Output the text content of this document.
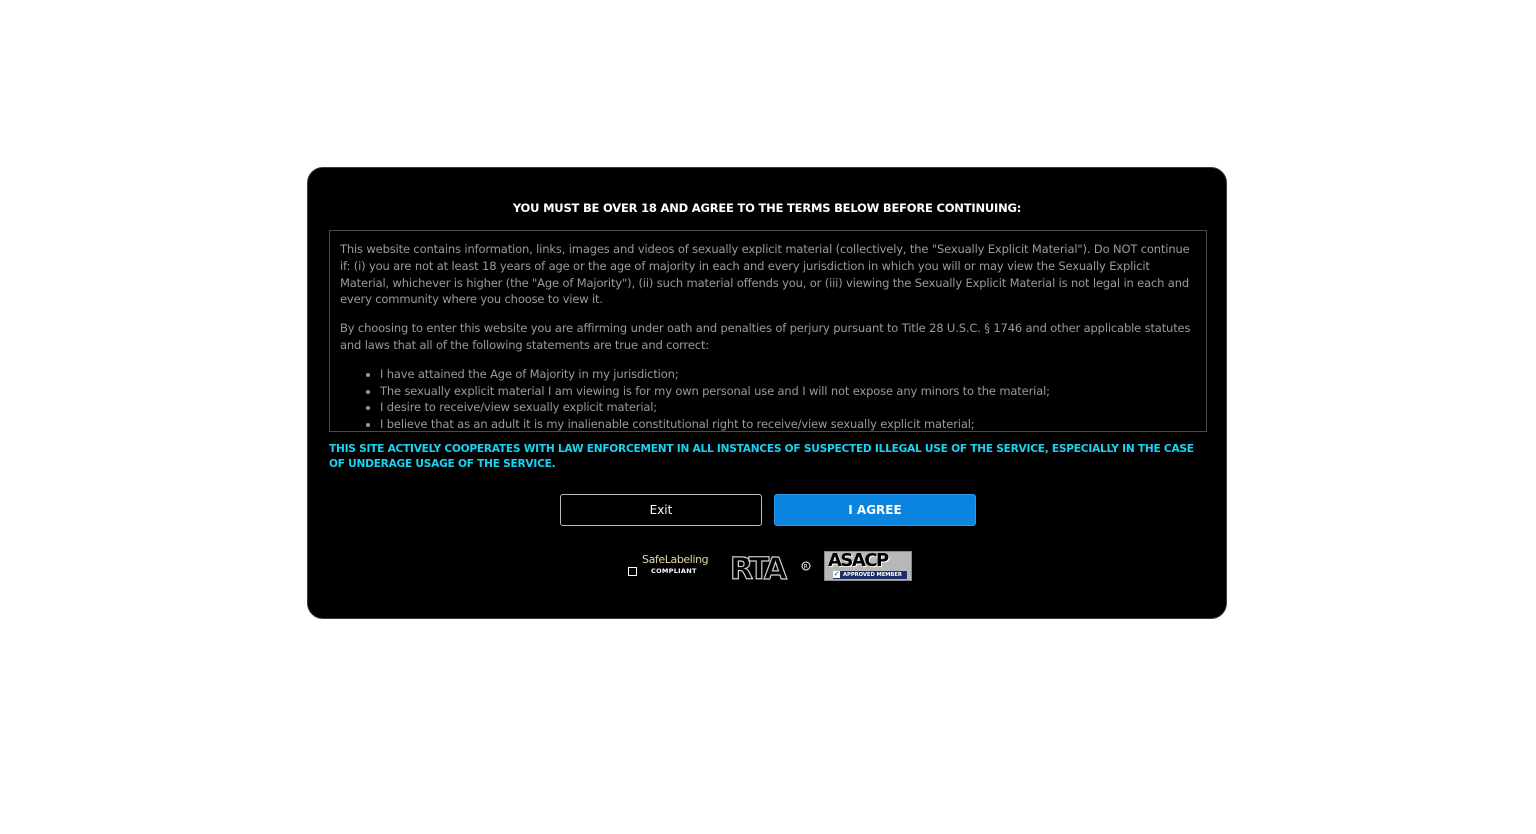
YOU MUST BE OVER 18 AND AGREE TO THE TERMS BELOW BEFORE CONTINUING:

This website contains information, links, images and videos of sexually explicit material (collectively, the "Sexually Explicit Material"). Do NOT continue if: (i) you are not at least 18 years of age or the age of majority in each and every jurisdiction in which you will or may view the Sexually Explicit Material, whichever is higher (the "Age of Majority"), (ii) such material offends you, or (iii) viewing the Sexually Explicit Material is not legal in each and every community where you choose to view it.

By choosing to enter this website you are affirming under oath and penalties of perjury pursuant to Title 28 U.S.C. § 1746 and other applicable statutes and laws that all of the following statements are true and correct:

• I have attained the Age of Majority in my jurisdiction;
• The sexually explicit material I am viewing is for my own personal use and I will not expose any minors to the material;
• I desire to receive/view sexually explicit material;
• I believe that as an adult it is my inalienable constitutional right to receive/view sexually explicit material;
THIS SITE ACTIVELY COOPERATES WITH LAW ENFORCEMENT IN ALL INSTANCES OF SUSPECTED ILLEGAL USE OF THE SERVICE, ESPECIALLY IN THE CASE OF UNDERAGE USAGE OF THE SERVICE.
Exit	I AGREE
SafeLabeling
COMPLIANT RTA	R ASACP
✓ APPROVED MEMBER
